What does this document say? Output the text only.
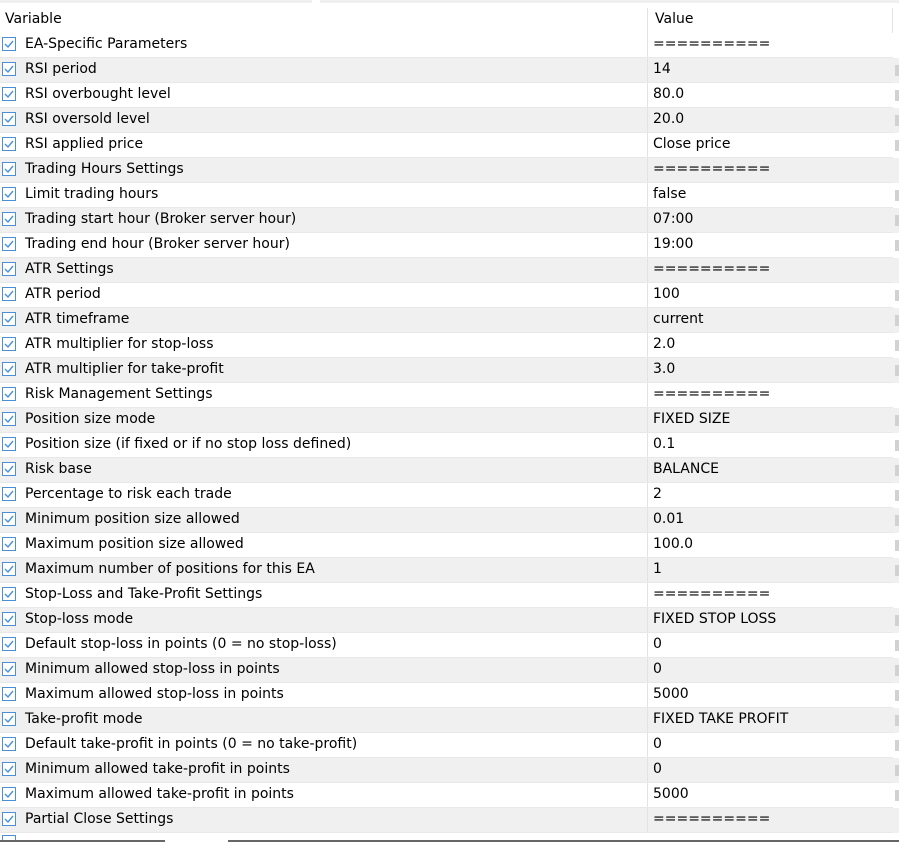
Variable	Value
EA-Specific Parameters	==========
RSI period	14
RSI overbought level	80.0
RSI oversold level	20.0
RSI applied price	Close price
Trading Hours Settings	==========
Limit trading hours	false
Trading start hour (Broker server hour)	07:00
Trading end hour (Broker server hour)	19:00
ATR Settings	==========
ATR period	100
ATR timeframe	current
ATR multiplier for stop-loss	2.0
ATR multiplier for take-profit	3.0
Risk Management Settings	==========
Position size mode	FIXED SIZE
Position size (if fixed or if no stop loss defined)	0.1
Risk base	BALANCE
Percentage to risk each trade	2
Minimum position size allowed	0.01
Maximum position size allowed	100.0
Maximum number of positions for this EA	1
Stop-Loss and Take-Profit Settings	==========
Stop-loss mode	FIXED STOP LOSS
Default stop-loss in points (0 = no stop-loss)	0
Minimum allowed stop-loss in points	0
Maximum allowed stop-loss in points	5000
Take-profit mode	FIXED TAKE PROFIT
Default take-profit in points (0 = no take-profit)	0
Minimum allowed take-profit in points	0
Maximum allowed take-profit in points	5000
Partial Close Settings	==========
